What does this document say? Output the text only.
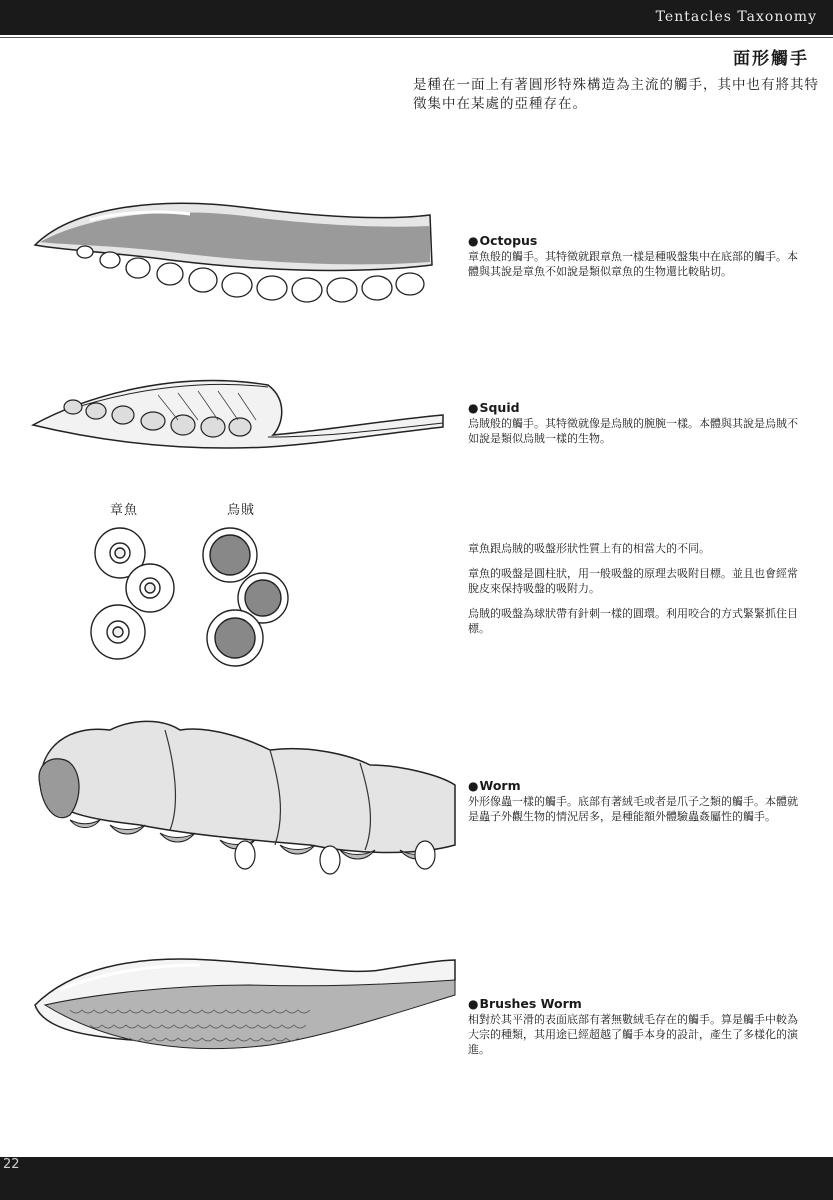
Tentacles Taxonomy
面形觸手
是種在一面上有著圓形特殊構造為主流的觸手，其中也有將其特徵集中在某處的亞種存在。
●Octopus
章魚般的觸手。其特徵就跟章魚一樣是種吸盤集中在底部的觸手。本體與其說是章魚不如說是類似章魚的生物還比較貼切。
●Squid
烏賊般的觸手。其特徵就像是烏賊的腕腕一樣。本體與其說是烏賊不如說是類似烏賊一樣的生物。
章魚	烏賊

章魚跟烏賊的吸盤形狀性質上有的相當大的不同。

章魚的吸盤是圓柱狀，用一般吸盤的原理去吸附目標。並且也會經常脫皮來保持吸盤的吸附力。

烏賊的吸盤為球狀帶有針刺一樣的圓環。利用咬合的方式緊緊抓住目標。

●Worm
外形像蟲一樣的觸手。底部有著絨毛或者是爪子之類的觸手。本體就是蟲子外觀生物的情況居多，是種能額外體驗蟲姦屬性的觸手。
●Brushes Worm
相對於其平滑的表面底部有著無數絨毛存在的觸手。算是觸手中較為大宗的種類，其用途已經超越了觸手本身的設計，產生了多樣化的演進。
22
